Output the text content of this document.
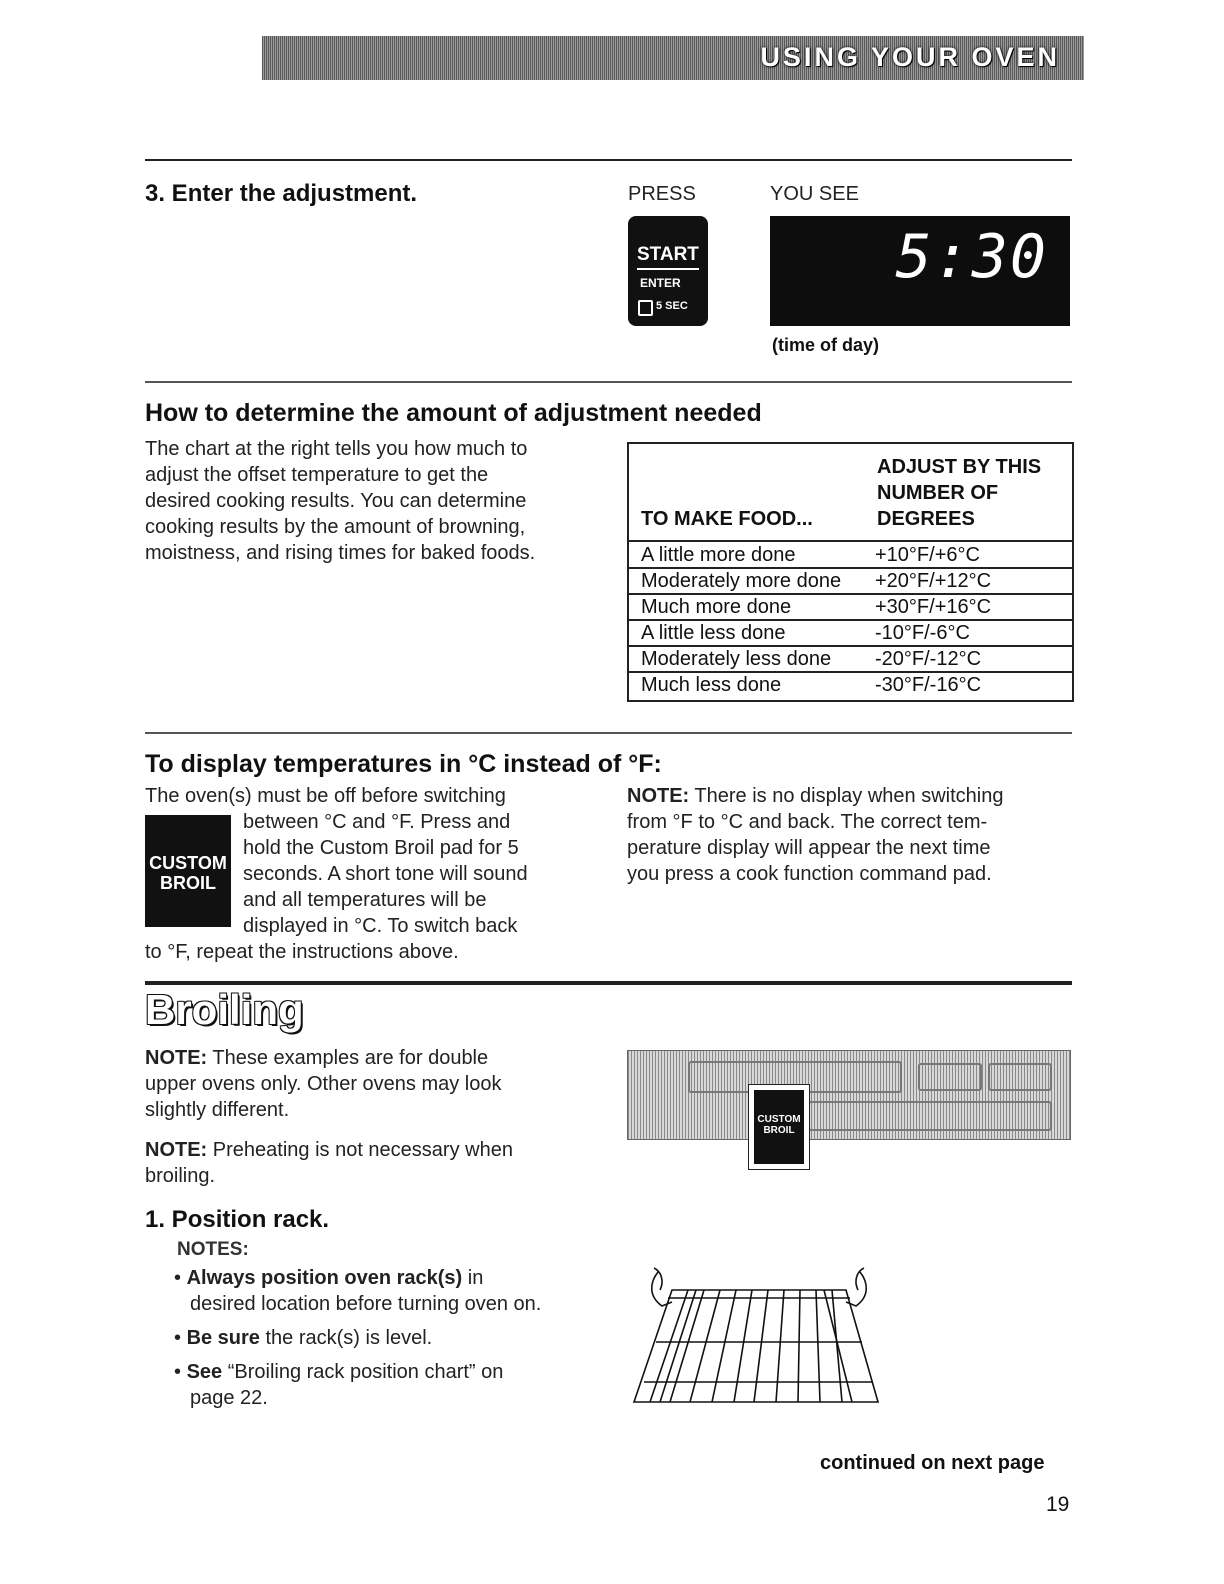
USING YOUR OVEN
3. Enter the adjustment.	PRESS	YOU SEE
START
ENTER
5 SEC
5:30
(time of day)
How to determine the amount of adjustment needed
The chart at the right tells you how much to
adjust the offset temperature to get the
desired cooking results. You can determine
cooking results by the amount of browning,
moistness, and rising times for baked foods.
TO MAKE FOOD...
ADJUST BY THIS
NUMBER OF
DEGREES
A little more done	+10°F/+6°C
Moderately more done +20°F/+12°C
Much more done	+30°F/+16°C
A little less done	-10°F/-6°C
Moderately less done -20°F/-12°C
Much less done	-30°F/-16°C
To display temperatures in °C instead of °F:
The oven(s) must be off before switching
CUSTOM
BROIL
between °C and °F. Press and
hold the Custom Broil pad for 5
seconds. A short tone will sound
and all temperatures will be
displayed in °C. To switch back
to °F, repeat the instructions above.
NOTE: There is no display when switching
from °F to °C and back. The correct tem-
perature display will appear the next time
you press a cook function command pad.
Broiling
NOTE: These examples are for double
upper ovens only. Other ovens may look
slightly different.
NOTE: Preheating is not necessary when
broiling.
CUSTOM
BROIL
1. Position rack.
NOTES:
• Always position oven rack(s) in
desired location before turning oven on.
• Be sure the rack(s) is level.
• See “Broiling rack position chart” on
page 22.
continued on next page
19
